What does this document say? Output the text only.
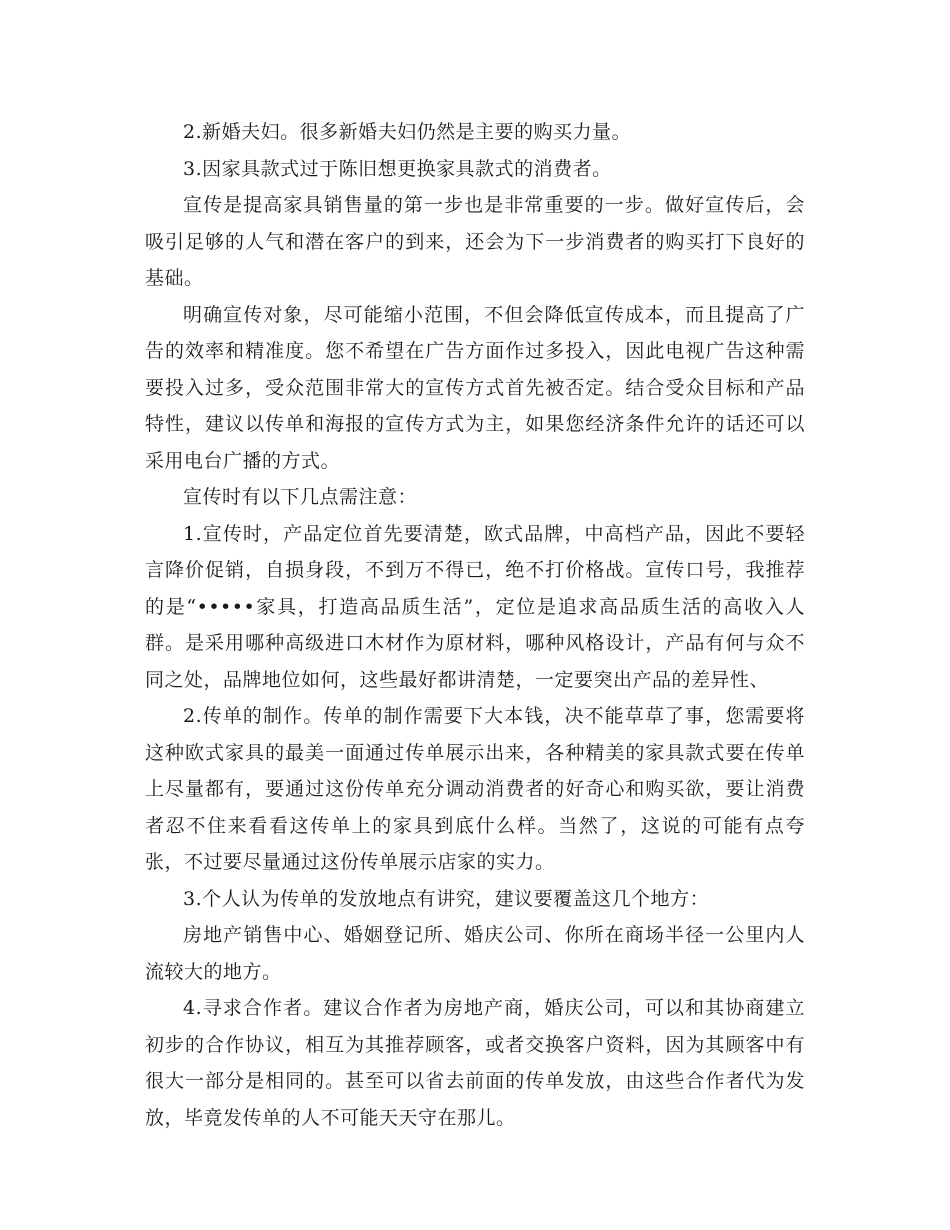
2.新婚夫妇。很多新婚夫妇仍然是主要的购买力量。

3.因家具款式过于陈旧想更换家具款式的消费者。

宣传是提高家具销售量的第一步也是非常重要的一步。做好宣传后，会吸引足够的人气和潜在客户的到来，还会为下一步消费者的购买打下良好的基础。

明确宣传对象，尽可能缩小范围，不但会降低宣传成本，而且提高了广告的效率和精准度。您不希望在广告方面作过多投入，因此电视广告这种需要投入过多，受众范围非常大的宣传方式首先被否定。结合受众目标和产品特性，建议以传单和海报的宣传方式为主，如果您经济条件允许的话还可以采用电台广播的方式。

宣传时有以下几点需注意：

1.宣传时，产品定位首先要清楚，欧式品牌，中高档产品，因此不要轻言降价促销，自损身段，不到万不得已，绝不打价格战。宣传口号，我推荐的是“•••••家具，打造高品质生活”，定位是追求高品质生活的高收入人群。是采用哪种高级进口木材作为原材料，哪种风格设计，产品有何与众不同之处，品牌地位如何，这些最好都讲清楚，一定要突出产品的差异性、

2.传单的制作。传单的制作需要下大本钱，决不能草草了事，您需要将这种欧式家具的最美一面通过传单展示出来，各种精美的家具款式要在传单上尽量都有，要通过这份传单充分调动消费者的好奇心和购买欲，要让消费者忍不住来看看这传单上的家具到底什么样。当然了，这说的可能有点夸张，不过要尽量通过这份传单展示店家的实力。

3.个人认为传单的发放地点有讲究，建议要覆盖这几个地方：

房地产销售中心、婚姻登记所、婚庆公司、你所在商场半径一公里内人流较大的地方。

4.寻求合作者。建议合作者为房地产商，婚庆公司，可以和其协商建立初步的合作协议，相互为其推荐顾客，或者交换客户资料，因为其顾客中有很大一部分是相同的。甚至可以省去前面的传单发放，由这些合作者代为发放，毕竟发传单的人不可能天天守在那儿。
